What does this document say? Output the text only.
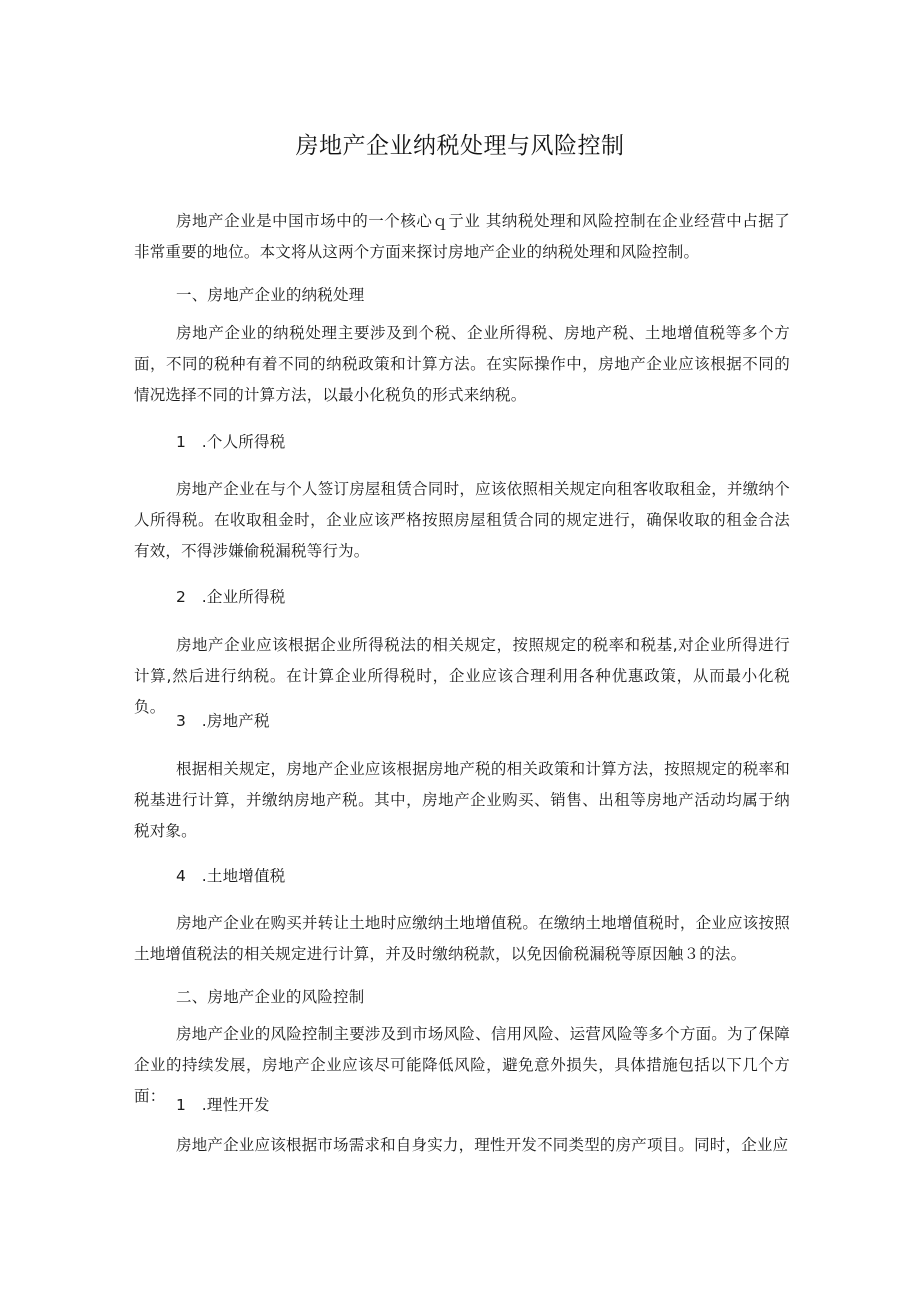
房地产企业纳税处理与风险控制

房地产企业是中国市场中的一个核心ｑ亍业 其纳税处理和风险控制在企业经营中占据了非常重要的地位。本文将从这两个方面来探讨房地产企业的纳税处理和风险控制。

一、房地产企业的纳税处理

房地产企业的纳税处理主要涉及到个税、企业所得税、房地产税、土地增值税等多个方面，不同的税种有着不同的纳税政策和计算方法。在实际操作中，房地产企业应该根据不同的情况选择不同的计算方法，以最小化税负的形式来纳税。

1　.个人所得税

房地产企业在与个人签订房屋租赁合同时，应该依照相关规定向租客收取租金，并缴纳个人所得税。在收取租金时，企业应该严格按照房屋租赁合同的规定进行，确保收取的租金合法有效，不得涉嫌偷税漏税等行为。

2　.企业所得税

房地产企业应该根据企业所得税法的相关规定，按照规定的税率和税基,对企业所得进行计算,然后进行纳税。在计算企业所得税时，企业应该合理利用各种优惠政策，从而最小化税负。

3　.房地产税

根据相关规定，房地产企业应该根据房地产税的相关政策和计算方法，按照规定的税率和税基进行计算，并缴纳房地产税。其中，房地产企业购买、销售、出租等房地产活动均属于纳税对象。

4　.土地增值税

房地产企业在购买并转让土地时应缴纳土地增值税。在缴纳土地增值税时，企业应该按照土地增值税法的相关规定进行计算，并及时缴纳税款，以免因偷税漏税等原因触３的法。

二、房地产企业的风险控制

房地产企业的风险控制主要涉及到市场风险、信用风险、运营风险等多个方面。为了保障企业的持续发展，房地产企业应该尽可能降低风险，避免意外损失，具体措施包括以下几个方面： 1　.理性开发

房地产企业应该根据市场需求和自身实力，理性开发不同类型的房产项目。同时，企业应
